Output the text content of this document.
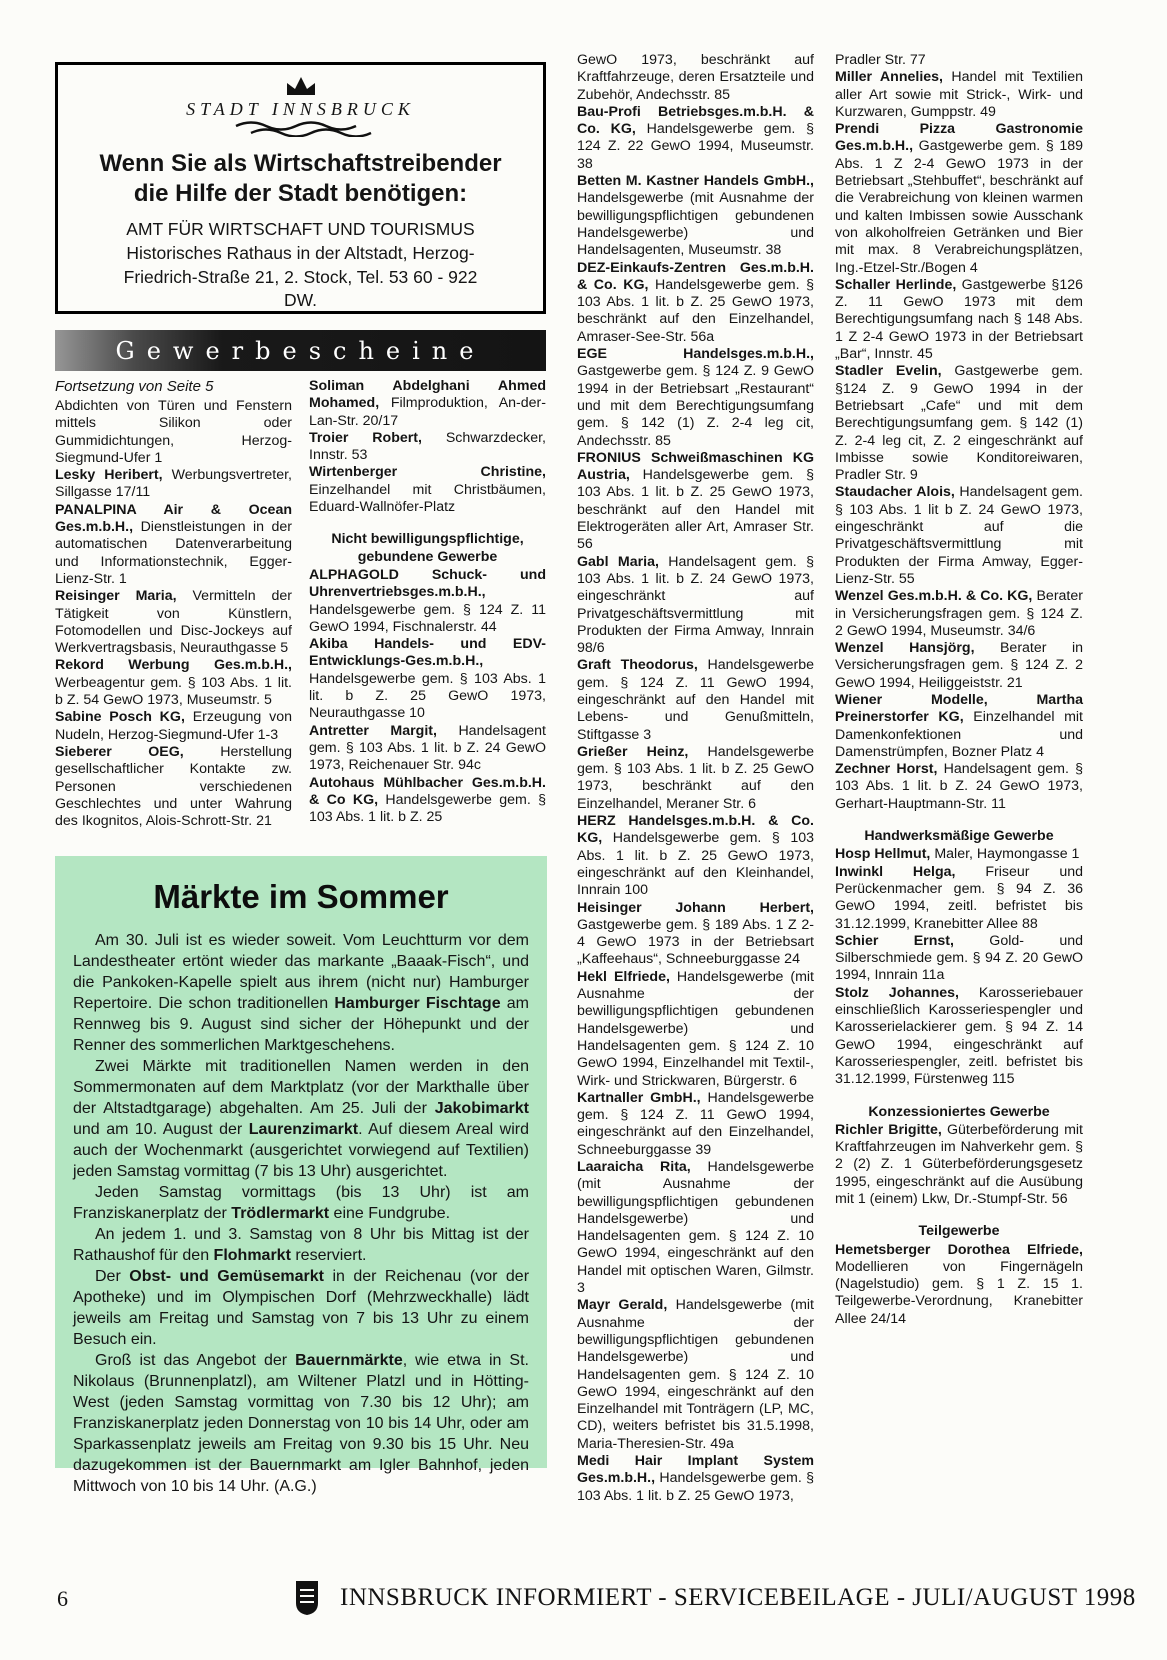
STADT INNSBRUCK
Wenn Sie als Wirtschaftstreibender die Hilfe der Stadt benötigen:
AMT FÜR WIRTSCHAFT UND TOURISMUS
Historisches Rathaus in der Altstadt, Herzog-Friedrich-Straße 21, 2. Stock, Tel. 53 60 - 922 DW.
Gewerbescheine

Fortsetzung von Seite 5

Abdichten von Türen und Fenstern mittels Silikon oder Gummidichtungen, Herzog-Siegmund-Ufer 1

Lesky Heribert, Werbungsvertreter, Sillgasse 17/11

PANALPINA Air & Ocean Ges.m.b.H., Dienstleistungen in der automatischen Datenverarbeitung und Informationstechnik, Egger-Lienz-Str. 1

Reisinger Maria, Vermitteln der Tätigkeit von Künstlern, Fotomodellen und Disc-Jockeys auf Werkvertragsbasis, Neurauthgasse 5

Rekord Werbung Ges.m.b.H., Werbeagentur gem. § 103 Abs. 1 lit. b Z. 54 GewO 1973, Museumstr. 5

Sabine Posch KG, Erzeugung von Nudeln, Herzog-Siegmund-Ufer 1-3

Sieberer OEG, Herstellung gesellschaftlicher Kontakte zw. Personen verschiedenen Geschlechtes und unter Wahrung des Ikognitos, Alois-Schrott-Str. 21

Soliman Abdelghani Ahmed Mohamed, Filmproduktion, An-der-Lan-Str. 20/17

Troier Robert, Schwarzdecker, Innstr. 53

Wirtenberger Christine, Einzelhandel mit Christbäumen, Eduard-Wallnöfer-Platz

Nicht bewilligungspflichtige, gebundene Gewerbe

ALPHAGOLD Schuck- und Uhrenvertriebsges.m.b.H., Handelsgewerbe gem. § 124 Z. 11 GewO 1994, Fischnalerstr. 44

Akiba Handels- und EDV-Entwicklungs-Ges.m.b.H., Handelsgewerbe gem. § 103 Abs. 1 lit. b Z. 25 GewO 1973, Neurauthgasse 10

Antretter Margit, Handelsagent gem. § 103 Abs. 1 lit. b Z. 24 GewO 1973, Reichenauer Str. 94c

Autohaus Mühlbacher Ges.m.b.H. & Co KG, Handelsgewerbe gem. § 103 Abs. 1 lit. b Z. 25

Märkte im Sommer

Am 30. Juli ist es wieder soweit. Vom Leuchtturm vor dem Landestheater ertönt wieder das markante „Baaak-Fisch“, und die Pankoken-Kapelle spielt aus ihrem (nicht nur) Hamburger Repertoire. Die schon traditionellen Hamburger Fischtage am Rennweg bis 9. August sind sicher der Höhepunkt und der Renner des sommerlichen Marktgeschehens.

Zwei Märkte mit traditionellen Namen werden in den Sommermonaten auf dem Marktplatz (vor der Markthalle über der Altstadtgarage) abgehalten. Am 25. Juli der Jakobimarkt und am 10. August der Laurenzimarkt. Auf diesem Areal wird auch der Wochenmarkt (ausgerichtet vorwiegend auf Textilien) jeden Samstag vormittag (7 bis 13 Uhr) ausgerichtet.

Jeden Samstag vormittags (bis 13 Uhr) ist am Franziskanerplatz der Trödlermarkt eine Fundgrube.

An jedem 1. und 3. Samstag von 8 Uhr bis Mittag ist der Rathaushof für den Flohmarkt reserviert.

Der Obst- und Gemüsemarkt in der Reichenau (vor der Apotheke) und im Olympischen Dorf (Mehrzweckhalle) lädt jeweils am Freitag und Samstag von 7 bis 13 Uhr zu einem Besuch ein.

Groß ist das Angebot der Bauernmärkte, wie etwa in St. Nikolaus (Brunnenplatzl), am Wiltener Platzl und in Hötting-West (jeden Samstag vormittag von 7.30 bis 12 Uhr); am Franziskanerplatz jeden Donnerstag von 10 bis 14 Uhr, oder am Sparkassenplatz jeweils am Freitag von 9.30 bis 15 Uhr. Neu dazugekommen ist der Bauernmarkt am Igler Bahnhof, jeden Mittwoch von 10 bis 14 Uhr. (A.G.)

GewO 1973, beschränkt auf Kraftfahrzeuge, deren Ersatzteile und Zubehör, Andechsstr. 85

Bau-Profi Betriebsges.m.b.H. & Co. KG, Handelsgewerbe gem. § 124 Z. 22 GewO 1994, Museumstr. 38

Betten M. Kastner Handels GmbH., Handelsgewerbe (mit Ausnahme der bewilligungspflichtigen gebundenen Handelsgewerbe) und Handelsagenten, Museumstr. 38

DEZ-Einkaufs-Zentren Ges.m.b.H. & Co. KG, Handelsgewerbe gem. § 103 Abs. 1 lit. b Z. 25 GewO 1973, beschränkt auf den Einzelhandel, Amraser-See-Str. 56a

EGE Handelsges.m.b.H., Gastgewerbe gem. § 124 Z. 9 GewO 1994 in der Betriebsart „Restaurant“ und mit dem Berechtigungsumfang gem. § 142 (1) Z. 2-4 leg cit, Andechsstr. 85

FRONIUS Schweißmaschinen KG Austria, Handelsgewerbe gem. § 103 Abs. 1 lit. b Z. 25 GewO 1973, beschränkt auf den Handel mit Elektrogeräten aller Art, Amraser Str. 56

Gabl Maria, Handelsagent gem. § 103 Abs. 1 lit. b Z. 24 GewO 1973, eingeschränkt auf Privatgeschäftsvermittlung mit Produkten der Firma Amway, Innrain 98/6

Graft Theodorus, Handelsgewerbe gem. § 124 Z. 11 GewO 1994, eingeschränkt auf den Handel mit Lebens- und Genußmitteln, Stiftgasse 3

Grießer Heinz, Handelsgewerbe gem. § 103 Abs. 1 lit. b Z. 25 GewO 1973, beschränkt auf den Einzelhandel, Meraner Str. 6

HERZ Handelsges.m.b.H. & Co. KG, Handelsgewerbe gem. § 103 Abs. 1 lit. b Z. 25 GewO 1973, eingeschränkt auf den Kleinhandel, Innrain 100

Heisinger Johann Herbert, Gastgewerbe gem. § 189 Abs. 1 Z 2-4 GewO 1973 in der Betriebsart „Kaffeehaus“, Schneeburggasse 24

Hekl Elfriede, Handelsgewerbe (mit Ausnahme der bewilligungspflichtigen gebundenen Handelsgewerbe) und Handelsagenten gem. § 124 Z. 10 GewO 1994, Einzelhandel mit Textil-, Wirk- und Strickwaren, Bürgerstr. 6

Kartnaller GmbH., Handelsgewerbe gem. § 124 Z. 11 GewO 1994, eingeschränkt auf den Einzelhandel, Schneeburggasse 39

Laaraicha Rita, Handelsgewerbe (mit Ausnahme der bewilligungspflichtigen gebundenen Handelsgewerbe) und Handelsagenten gem. § 124 Z. 10 GewO 1994, eingeschränkt auf den Handel mit optischen Waren, Gilmstr. 3

Mayr Gerald, Handelsgewerbe (mit Ausnahme der bewilligungspflichtigen gebundenen Handelsgewerbe) und Handelsagenten gem. § 124 Z. 10 GewO 1994, eingeschränkt auf den Einzelhandel mit Tonträgern (LP, MC, CD), weiters befristet bis 31.5.1998, Maria-Theresien-Str. 49a

Medi Hair Implant System Ges.m.b.H., Handelsgewerbe gem. § 103 Abs. 1 lit. b Z. 25 GewO 1973,

Pradler Str. 77

Miller Annelies, Handel mit Textilien aller Art sowie mit Strick-, Wirk- und Kurzwaren, Gumppstr. 49

Prendi Pizza Gastronomie Ges.m.b.H., Gastgewerbe gem. § 189 Abs. 1 Z 2-4 GewO 1973 in der Betriebsart „Stehbuffet“, beschränkt auf die Verabreichung von kleinen warmen und kalten Imbissen sowie Ausschank von alkoholfreien Getränken und Bier mit max. 8 Verabreichungsplätzen, Ing.-Etzel-Str./Bogen 4

Schaller Herlinde, Gastgewerbe §126 Z. 11 GewO 1973 mit dem Berechtigungsumfang nach § 148 Abs. 1 Z 2-4 GewO 1973 in der Betriebsart „Bar“, Innstr. 45

Stadler Evelin, Gastgewerbe gem. §124 Z. 9 GewO 1994 in der Betriebsart „Cafe“ und mit dem Berechtigungsumfang gem. § 142 (1) Z. 2-4 leg cit, Z. 2 eingeschränkt auf Imbisse sowie Konditoreiwaren, Pradler Str. 9

Staudacher Alois, Handelsagent gem. § 103 Abs. 1 lit b Z. 24 GewO 1973, eingeschränkt auf die Privatgeschäftsvermittlung mit Produkten der Firma Amway, Egger-Lienz-Str. 55

Wenzel Ges.m.b.H. & Co. KG, Berater in Versicherungsfragen gem. § 124 Z. 2 GewO 1994, Museumstr. 34/6

Wenzel Hansjörg, Berater in Versicherungsfragen gem. § 124 Z. 2 GewO 1994, Heiliggeiststr. 21

Wiener Modelle, Martha Preinerstorfer KG, Einzelhandel mit Damenkonfektionen und Damenstrümpfen, Bozner Platz 4

Zechner Horst, Handelsagent gem. § 103 Abs. 1 lit. b Z. 24 GewO 1973, Gerhart-Hauptmann-Str. 11

Handwerksmäßige Gewerbe

Hosp Hellmut, Maler, Haymongasse 1

Inwinkl Helga, Friseur und Perückenmacher gem. § 94 Z. 36 GewO 1994, zeitl. befristet bis 31.12.1999, Kranebitter Allee 88

Schier Ernst, Gold- und Silberschmiede gem. § 94 Z. 20 GewO 1994, Innrain 11a

Stolz Johannes, Karosseriebauer einschließlich Karosseriespengler und Karosserielackierer gem. § 94 Z. 14 GewO 1994, eingeschränkt auf Karosseriespengler, zeitl. befristet bis 31.12.1999, Fürstenweg 115

Konzessioniertes Gewerbe

Richler Brigitte, Güterbeförderung mit Kraftfahrzeugen im Nahverkehr gem. § 2 (2) Z. 1 Güterbeförderungsgesetz 1995, eingeschränkt auf die Ausübung mit 1 (einem) Lkw, Dr.-Stumpf-Str. 56

Teilgewerbe

Hemetsberger Dorothea Elfriede, Modellieren von Fingernägeln (Nagelstudio) gem. § 1 Z. 15 1. Teilgewerbe-Verordnung, Kranebitter Allee 24/14

6	INNSBRUCK INFORMIERT - SERVICEBEILAGE - JULI/AUGUST 1998
